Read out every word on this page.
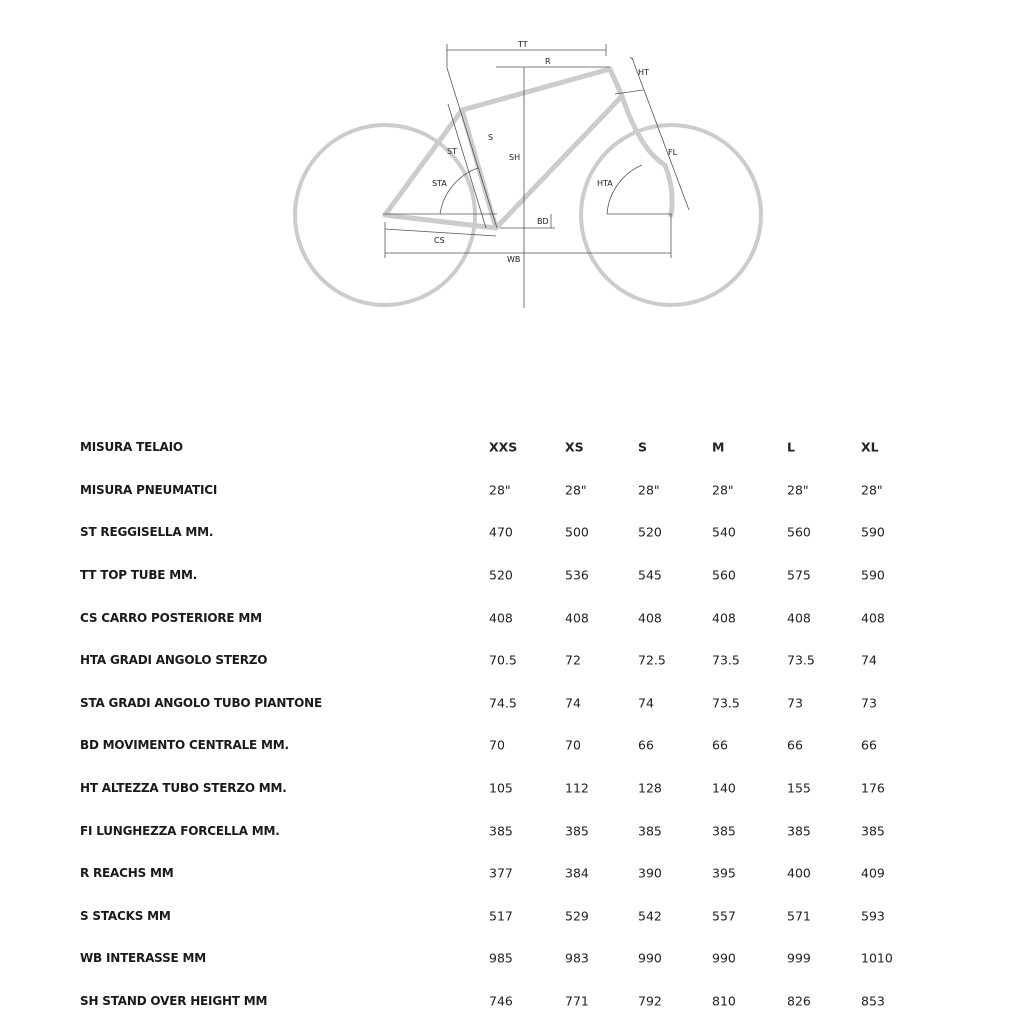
TT
R
HT
ST
S
SH
STA
FL
HTA
BD
CS
WB
MISURA TELAIO	XXS	XS	S	M	L	XL
MISURA PNEUMATICI	28"	28"	28"	28"	28"	28"
ST REGGISELLA MM.	470	500	520	540	560	590
TT TOP TUBE MM.	520	536	545	560	575	590
CS CARRO POSTERIORE MM	408	408	408	408	408	408
HTA GRADI ANGOLO STERZO	70.5	72	72.5	73.5	73.5	74
STA GRADI ANGOLO TUBO PIANTONE	74.5	74	74	73.5	73	73
BD MOVIMENTO CENTRALE MM.	70	70	66	66	66	66
HT ALTEZZA TUBO STERZO MM.	105	112	128	140	155	176
FI LUNGHEZZA FORCELLA MM.	385	385	385	385	385	385
R REACHS MM	377	384	390	395	400	409
S STACKS MM	517	529	542	557	571	593
WB INTERASSE MM	985	983	990	990	999	1010
SH STAND OVER HEIGHT MM	746	771	792	810	826	853
